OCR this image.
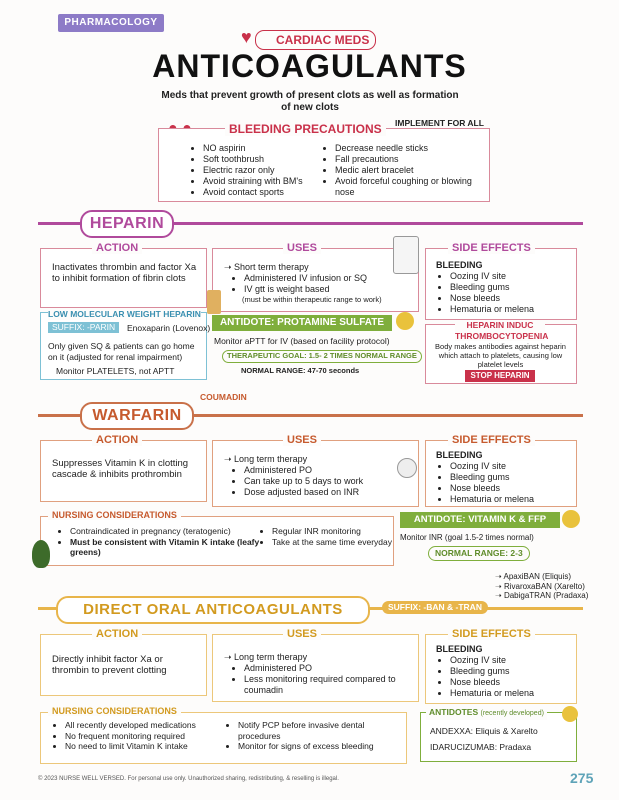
PHARMACOLOGY
♥	CARDIAC MEDS
ANTICOAGULANTS
Meds that prevent growth of present clots as well as formation of new clots

BLEEDING PRECAUTIONS	IMPLEMENT FOR ALL
• NO aspirin
• Soft toothbrush
• Electric razor only
• Avoid straining with BM's
• Avoid contact sports
• Decrease needle sticks
• Fall precautions
• Medic alert bracelet
• Avoid forceful coughing or blowing nose
HEPARIN
ACTION
Inactivates thrombin and factor Xa to inhibit formation of fibrin clots
LOW MOLECULAR WEIGHT HEPARIN
SUFFIX: -PARIN	Enoxaparin (Lovenox)
Only given SQ & patients can go home on it (adjusted for renal impairment)
Monitor PLATELETS, not APTT
USES
➝ Short term therapy
• Administered IV infusion or SQ
• IV gtt is weight based
(must be within therapeutic range to work)
ANTIDOTE: PROTAMINE SULFATE
Monitor aPTT for IV (based on facility protocol)
THERAPEUTIC GOAL: 1.5- 2 TIMES NORMAL RANGE
NORMAL RANGE: 47-70 seconds
SIDE EFFECTS
BLEEDING
• Oozing IV site
• Bleeding gums
• Nose bleeds
• Hematuria or melena
HEPARIN INDUC THROMBOCYTOPENIA
Body makes antibodies against heparin which attach to platelets, causing low platelet levels
STOP HEPARIN
COUMADIN
WARFARIN
ACTION
Suppresses Vitamin K in clotting cascade & inhibits prothrombin
USES
➝ Long term therapy
• Administered PO
• Can take up to 5 days to work
• Dose adjusted based on INR
SIDE EFFECTS
BLEEDING
• Oozing IV site
• Bleeding gums
• Nose bleeds
• Hematuria or melena
NURSING CONSIDERATIONS
• Contraindicated in pregnancy (teratogenic)
• Must be consistent with Vitamin K intake (leafy greens)
• Regular INR monitoring
• Take at the same time everyday
ANTIDOTE: VITAMIN K & FFP
Monitor INR (goal 1.5-2 times normal)
NORMAL RANGE: 2-3
➝ ApaxiBAN (Eliquis)
➝ RivaroxaBAN (Xarelto)
➝ DabigaTRAN (Pradaxa)
DIRECT ORAL ANTICOAGULANTS	SUFFIX: -BAN & -TRAN
ACTION
Directly inhibit factor Xa or thrombin to prevent clotting
USES
➝ Long term therapy
• Administered PO
• Less monitoring required compared to coumadin
SIDE EFFECTS
BLEEDING
• Oozing IV site
• Bleeding gums
• Nose bleeds
• Hematuria or melena
NURSING CONSIDERATIONS
• All recently developed medications
• No frequent monitoring required
• No need to limit Vitamin K intake
• Notify PCP before invasive dental procedures
• Monitor for signs of excess bleeding
ANTIDOTES (recently developed)
ANDEXXA: Eliquis & Xarelto
IDARUCIZUMAB: Pradaxa
© 2023 NURSE WELL VERSED. For personal use only. Unauthorized sharing, redistributing, & reselling is illegal.	275
